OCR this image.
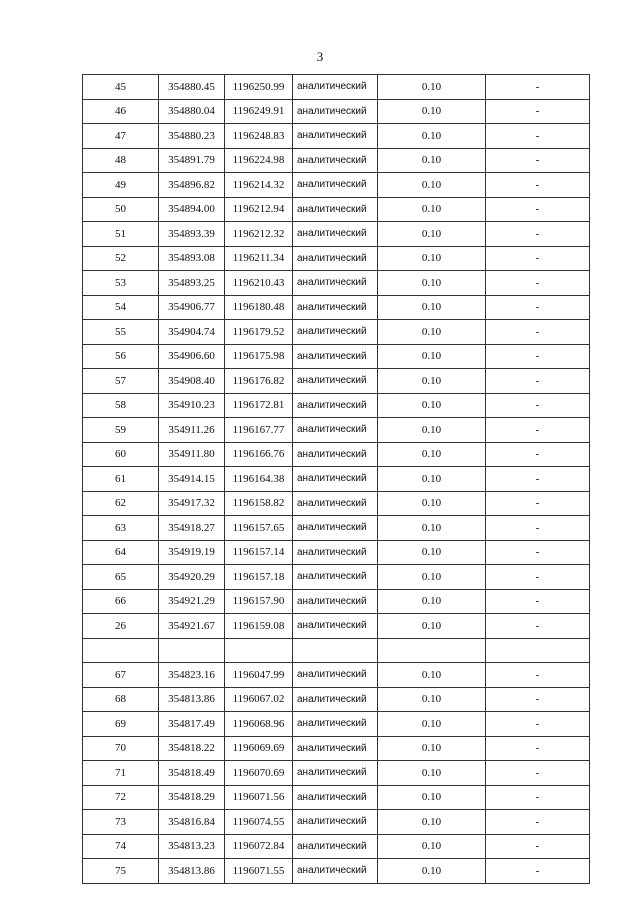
3
45	354880.45	1196250.99	аналитический	0.10	-
46	354880.04	1196249.91	аналитический	0.10	-
47	354880.23	1196248.83	аналитический	0.10	-
48	354891.79	1196224.98	аналитический	0.10	-
49	354896.82	1196214.32	аналитический	0.10	-
50	354894.00	1196212.94	аналитический	0.10	-
51	354893.39	1196212.32	аналитический	0.10	-
52	354893.08	1196211.34	аналитический	0.10	-
53	354893.25	1196210.43	аналитический	0.10	-
54	354906.77	1196180.48	аналитический	0.10	-
55	354904.74	1196179.52	аналитический	0.10	-
56	354906.60	1196175.98	аналитический	0.10	-
57	354908.40	1196176.82	аналитический	0.10	-
58	354910.23	1196172.81	аналитический	0.10	-
59	354911.26	1196167.77	аналитический	0.10	-
60	354911.80	1196166.76	аналитический	0.10	-
61	354914.15	1196164.38	аналитический	0.10	-
62	354917.32	1196158.82	аналитический	0.10	-
63	354918.27	1196157.65	аналитический	0.10	-
64	354919.19	1196157.14	аналитический	0.10	-
65	354920.29	1196157.18	аналитический	0.10	-
66	354921.29	1196157.90	аналитический	0.10	-
26	354921.67	1196159.08	аналитический	0.10	-

67	354823.16	1196047.99	аналитический	0.10	-
68	354813.86	1196067.02	аналитический	0.10	-
69	354817.49	1196068.96	аналитический	0.10	-
70	354818.22	1196069.69	аналитический	0.10	-
71	354818.49	1196070.69	аналитический	0.10	-
72	354818.29	1196071.56	аналитический	0.10	-
73	354816.84	1196074.55	аналитический	0.10	-
74	354813.23	1196072.84	аналитический	0.10	-
75	354813.86	1196071.55	аналитический	0.10	-
